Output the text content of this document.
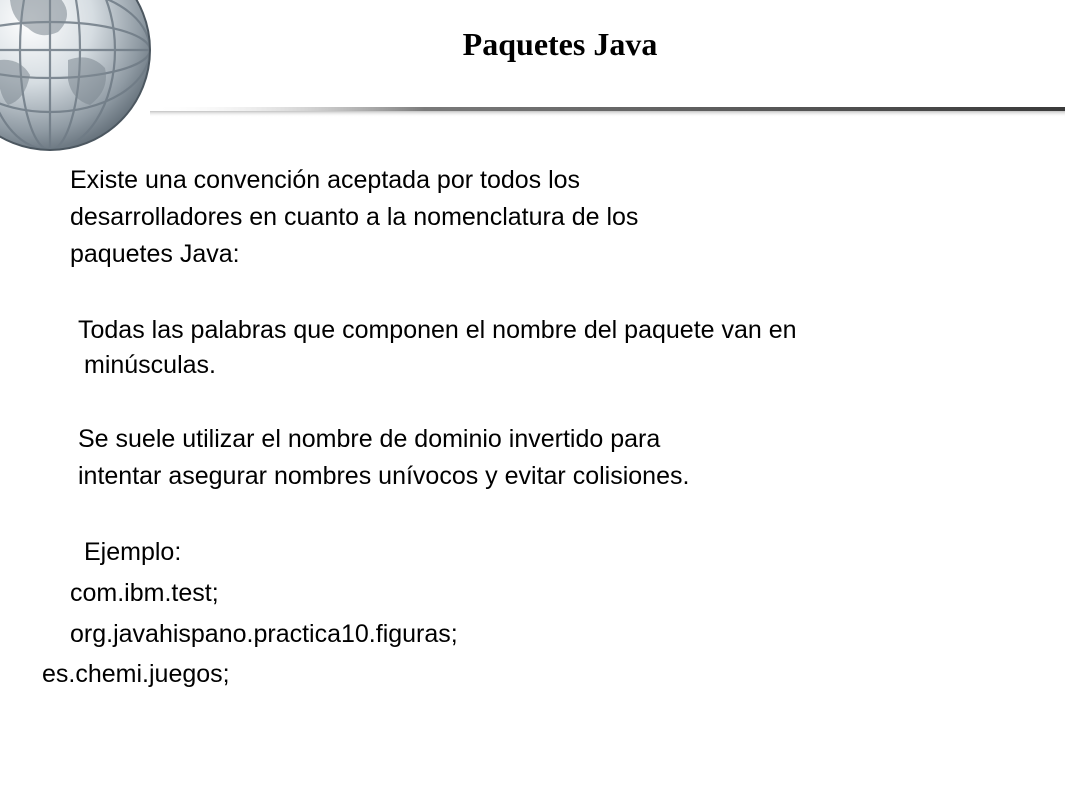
Paquetes Java
Existe una convención aceptada por todos los
desarrolladores en cuanto a la nomenclatura de los
paquetes Java:
Todas las palabras que componen el nombre del paquete van en
minúsculas.
Se suele utilizar el nombre de dominio invertido para
intentar asegurar nombres unívocos y evitar colisiones.
Ejemplo:
com.ibm.test;
org.javahispano.practica10.figuras;
es.chemi.juegos;
